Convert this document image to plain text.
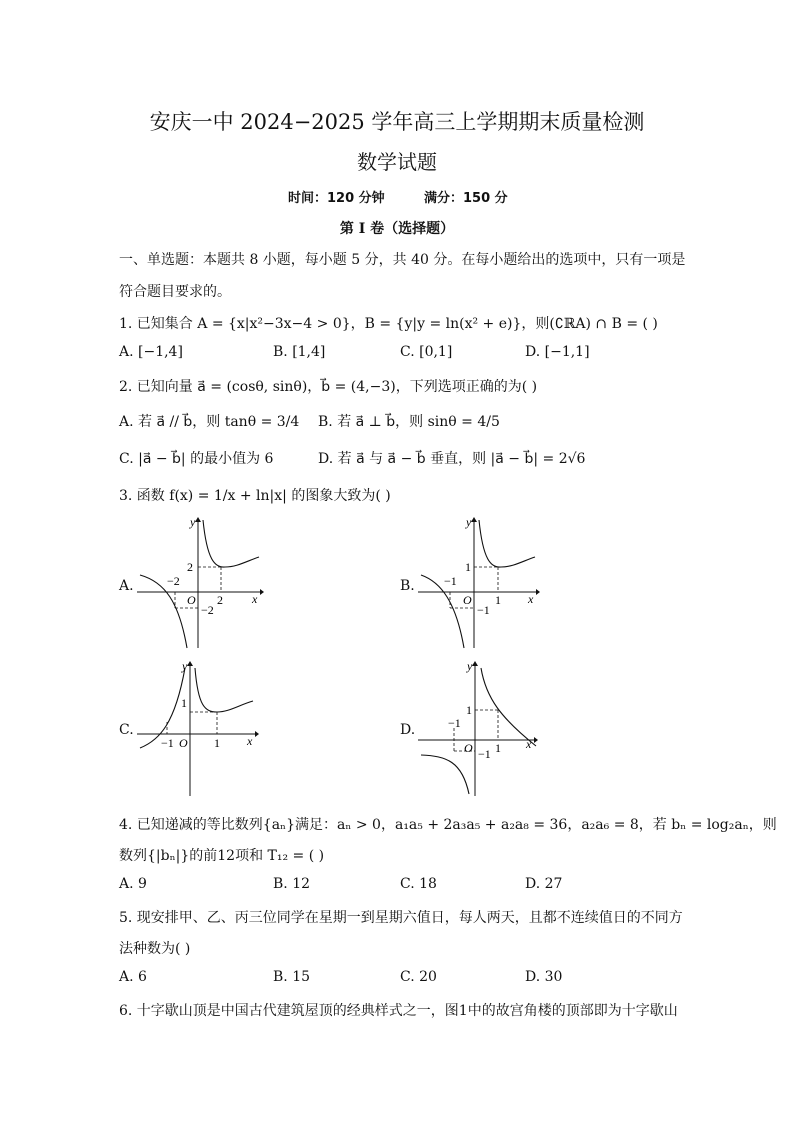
安庆一中 2024−2025 学年高三上学期期末质量检测
数学试题
时间：120 分钟	满分：150 分
第 I 卷（选择题）
一、单选题：本题共 8 小题，每小题 5 分，共 40 分。在每小题给出的选项中，只有一项是
符合题目要求的。
1. 已知集合 A = {x|x²−3x−4 > 0}，B = {y|y = ln(x² + e)}，则(∁ℝA) ∩ B = ( )
A. [−1,4]	B. [1,4]	C. [0,1]	D. [−1,1]
2. 已知向量 a⃗ = (cosθ, sinθ)，b⃗ = (4,−3)，下列选项正确的为( )
A. 若 a⃗ // b⃗，则 tanθ = 3/4 B. 若 a⃗ ⊥ b⃗，则 sinθ = 4/5
C. |a⃗ − b⃗| 的最小值为 6	D. 若 a⃗ 与 a⃗ − b⃗ 垂直，则 |a⃗ − b⃗| = 2√6
3. 函数 f(x) = 1/x + ln|x| 的图象大致为( )
A.
y
x
O
2
−2
2
−2
B.
y
x
O
1
−1
1
−1
C.
y
x
O
1
−1	1
D.
y
x
O
1
−1
1
−1
4. 已知递减的等比数列{aₙ}满足：aₙ > 0，a₁a₅ + 2a₃a₅ + a₂a₈ = 36，a₂a₆ = 8，若 bₙ = log₂aₙ，则
数列{|bₙ|}的前12项和 T₁₂ = ( )
A. 9	B. 12	C. 18	D. 27
5. 现安排甲、乙、丙三位同学在星期一到星期六值日，每人两天，且都不连续值日的不同方
法种数为( )
A. 6	B. 15	C. 20	D. 30
6. 十字歇山顶是中国古代建筑屋顶的经典样式之一，图1中的故宫角楼的顶部即为十字歇山
